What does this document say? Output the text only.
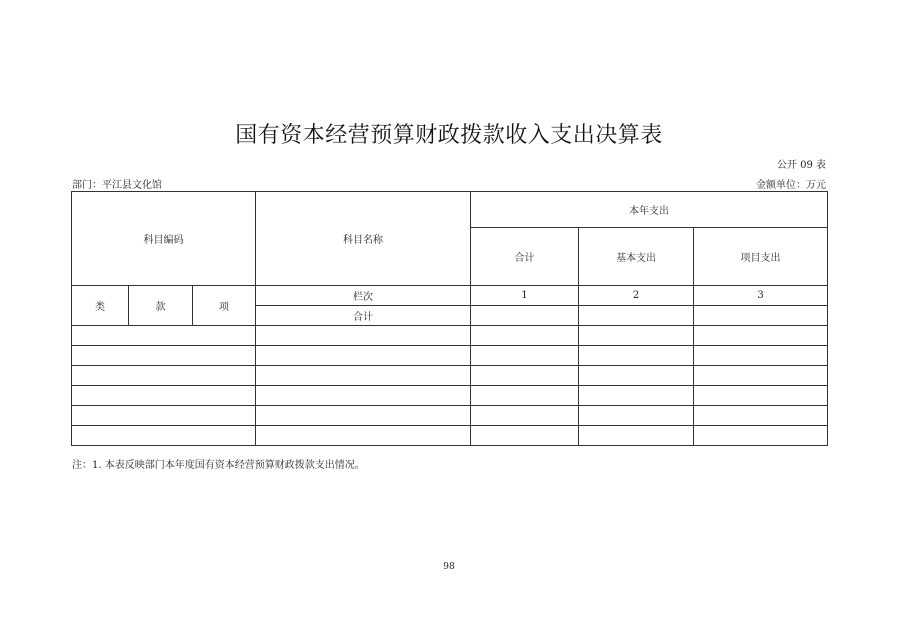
国有资本经营预算财政拨款收入支出决算表
公开 09 表
部门：平江县文化馆	金额单位：万元
科目编码			科目名称	本年支出		
				合计	基本支出	项目支出
类	款	项	栏次	1	2	3
			合计			

注：1. 本表反映部门本年度国有资本经营预算财政拨款支出情况。
98
